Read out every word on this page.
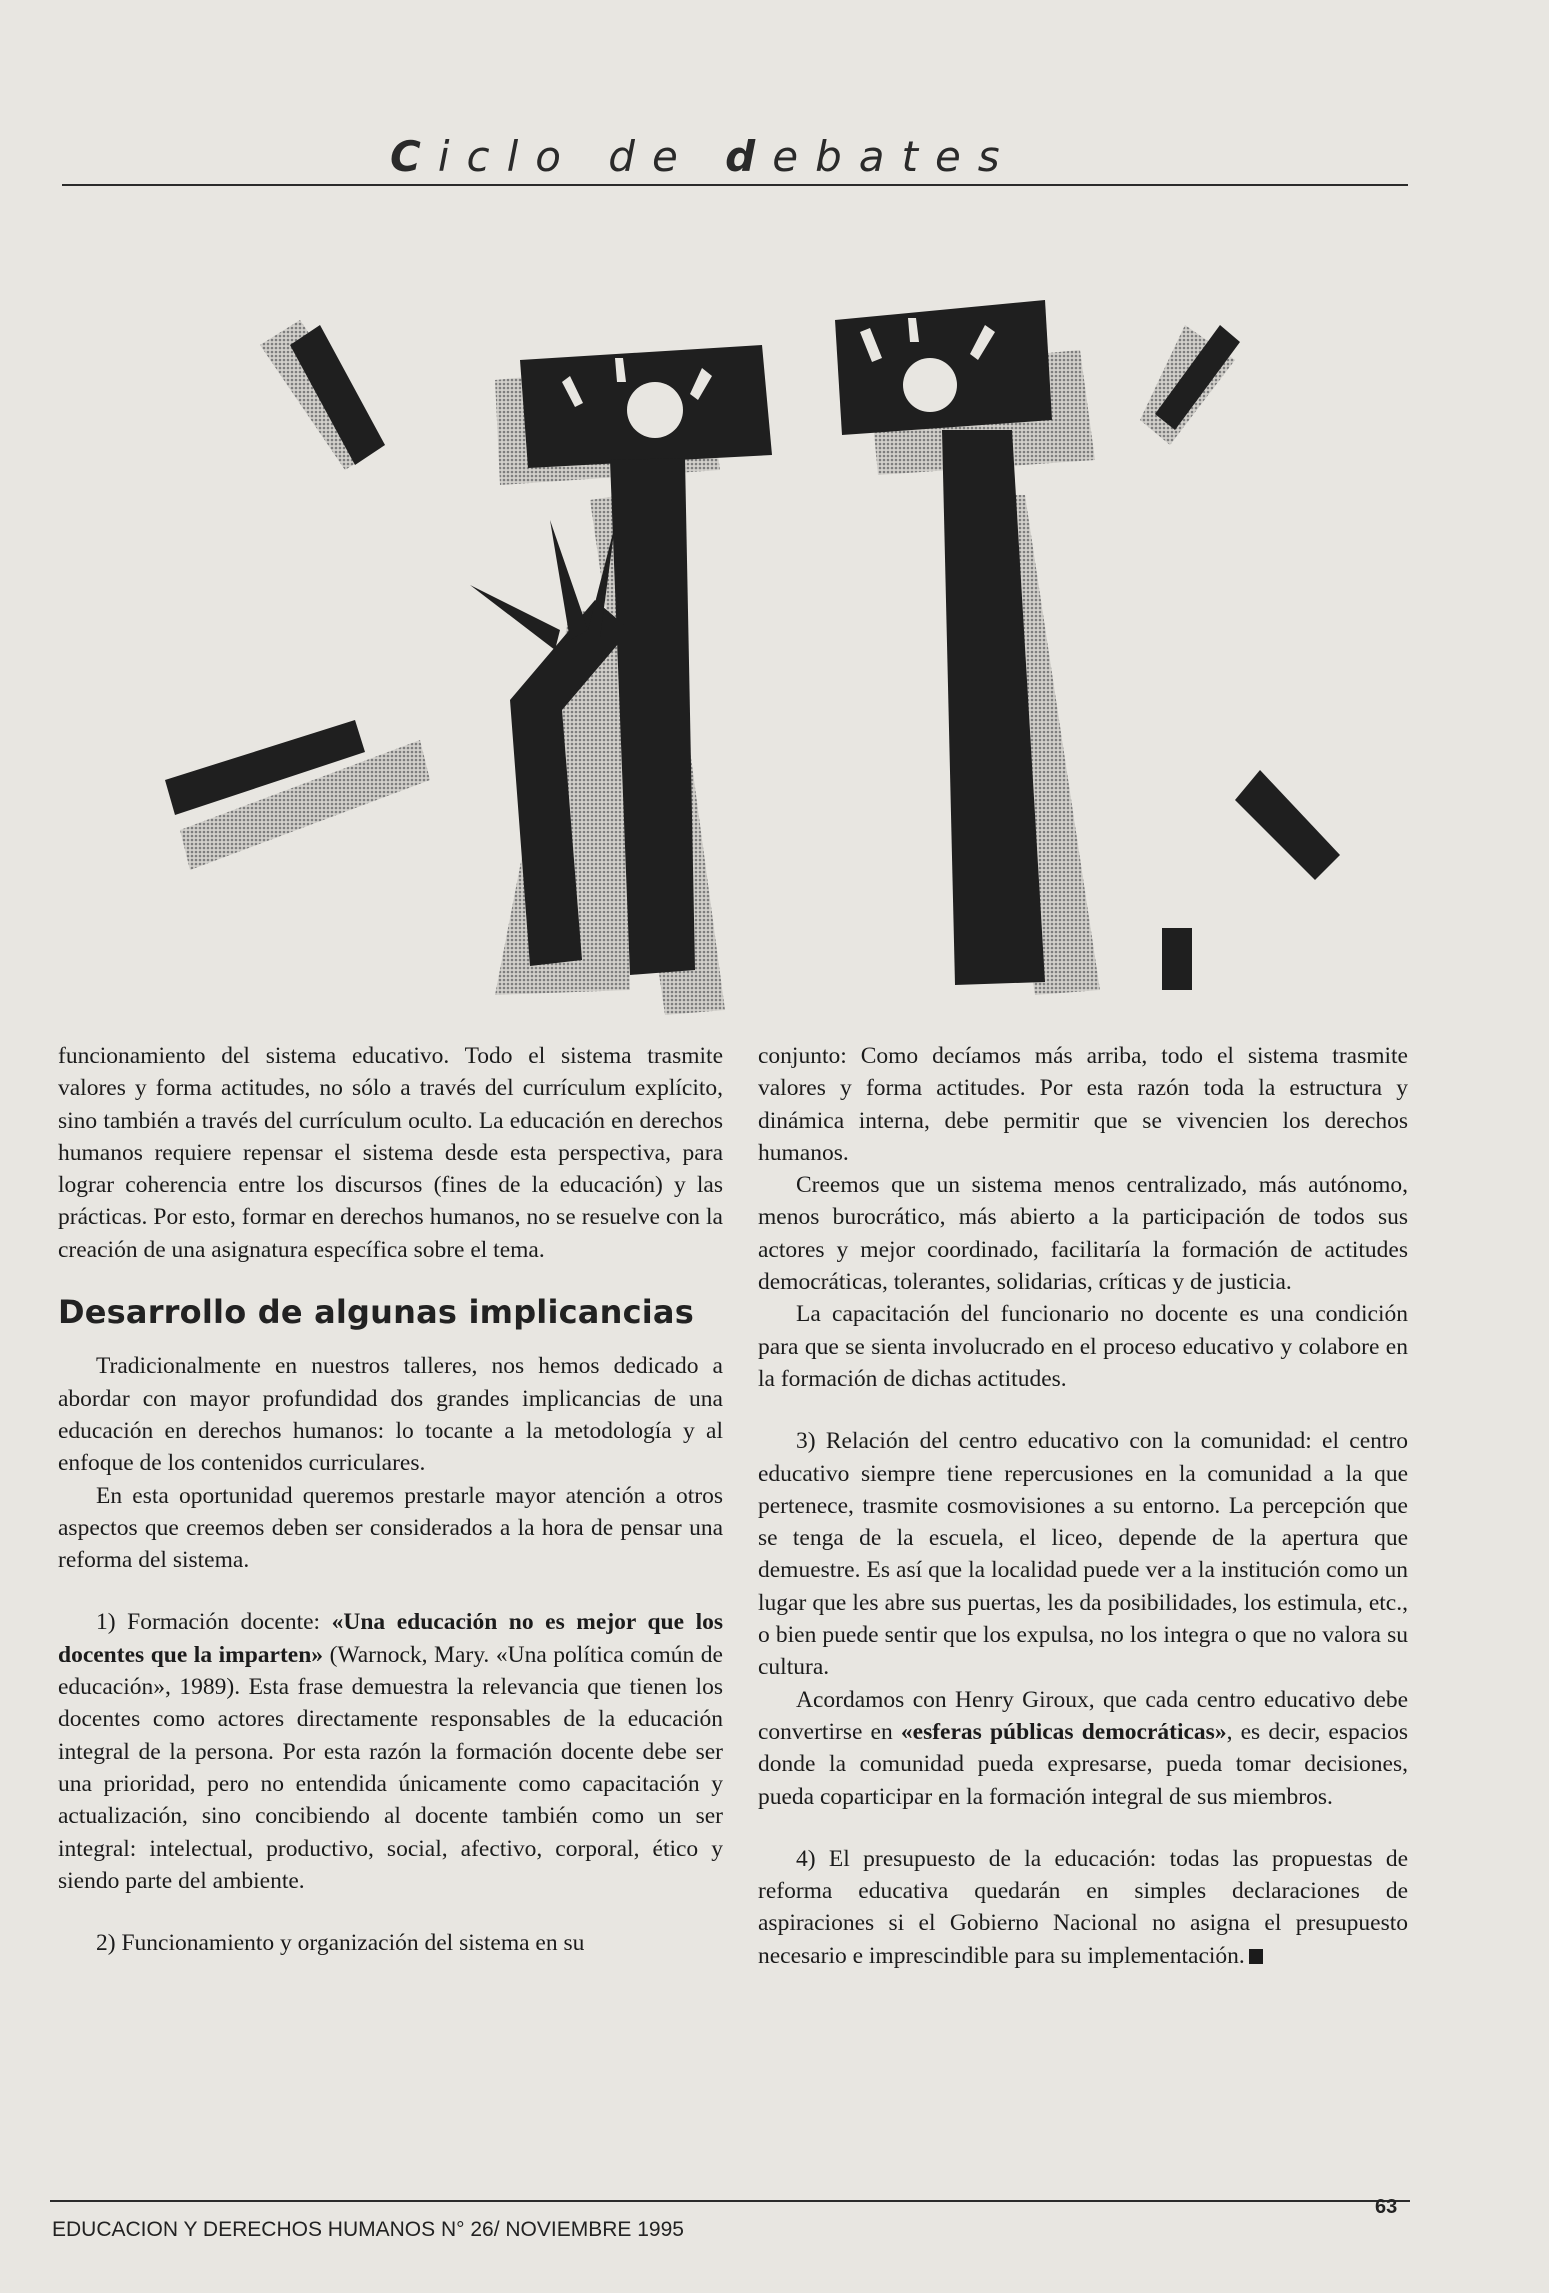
Ciclo de debates

funcionamiento del sistema educativo. Todo el sistema trasmite valores y forma actitudes, no sólo a través del currículum explícito, sino también a través del currículum oculto. La educación en derechos humanos requiere repensar el sistema desde esta perspectiva, para lograr coherencia entre los discursos (fines de la educación) y las prácticas. Por esto, formar en derechos humanos, no se resuelve con la creación de una asignatura específica sobre el tema.

Desarrollo de algunas implicancias

Tradicionalmente en nuestros talleres, nos hemos dedicado a abordar con mayor profundidad dos grandes implicancias de una educación en derechos humanos: lo tocante a la metodología y al enfoque de los contenidos curriculares.

En esta oportunidad queremos prestarle mayor atención a otros aspectos que creemos deben ser considerados a la hora de pensar una reforma del sistema.

1) Formación docente: «Una educación no es mejor que los docentes que la imparten» (Warnock, Mary. «Una política común de educación», 1989). Esta frase demuestra la relevancia que tienen los docentes como actores directamente responsables de la educación integral de la persona. Por esta razón la formación docente debe ser una prioridad, pero no entendida únicamente como capacitación y actualización, sino concibiendo al docente también como un ser integral: intelectual, productivo, social, afectivo, corporal, ético y siendo parte del ambiente.

2) Funcionamiento y organización del sistema en su

conjunto: Como decíamos más arriba, todo el sistema trasmite valores y forma actitudes. Por esta razón toda la estructura y dinámica interna, debe permitir que se vivencien los derechos humanos.

Creemos que un sistema menos centralizado, más autónomo, menos burocrático, más abierto a la participación de todos sus actores y mejor coordinado, facilitaría la formación de actitudes democráticas, tolerantes, solidarias, críticas y de justicia.

La capacitación del funcionario no docente es una condición para que se sienta involucrado en el proceso educativo y colabore en la formación de dichas actitudes.

3) Relación del centro educativo con la comunidad: el centro educativo siempre tiene repercusiones en la comunidad a la que pertenece, trasmite cosmovisiones a su entorno. La percepción que se tenga de la escuela, el liceo, depende de la apertura que demuestre. Es así que la localidad puede ver a la institución como un lugar que les abre sus puertas, les da posibilidades, los estimula, etc., o bien puede sentir que los expulsa, no los integra o que no valora su cultura.

Acordamos con Henry Giroux, que cada centro educativo debe convertirse en «esferas públicas democráticas», es decir, espacios donde la comunidad pueda expresarse, pueda tomar decisiones, pueda coparticipar en la formación integral de sus miembros.

4) El presupuesto de la educación: todas las propuestas de reforma educativa quedarán en simples declaraciones de aspiraciones si el Gobierno Nacional no asigna el presupuesto necesario e imprescindible para su implementación.

EDUCACION Y DERECHOS HUMANOS N° 26/ NOVIEMBRE 1995
63
